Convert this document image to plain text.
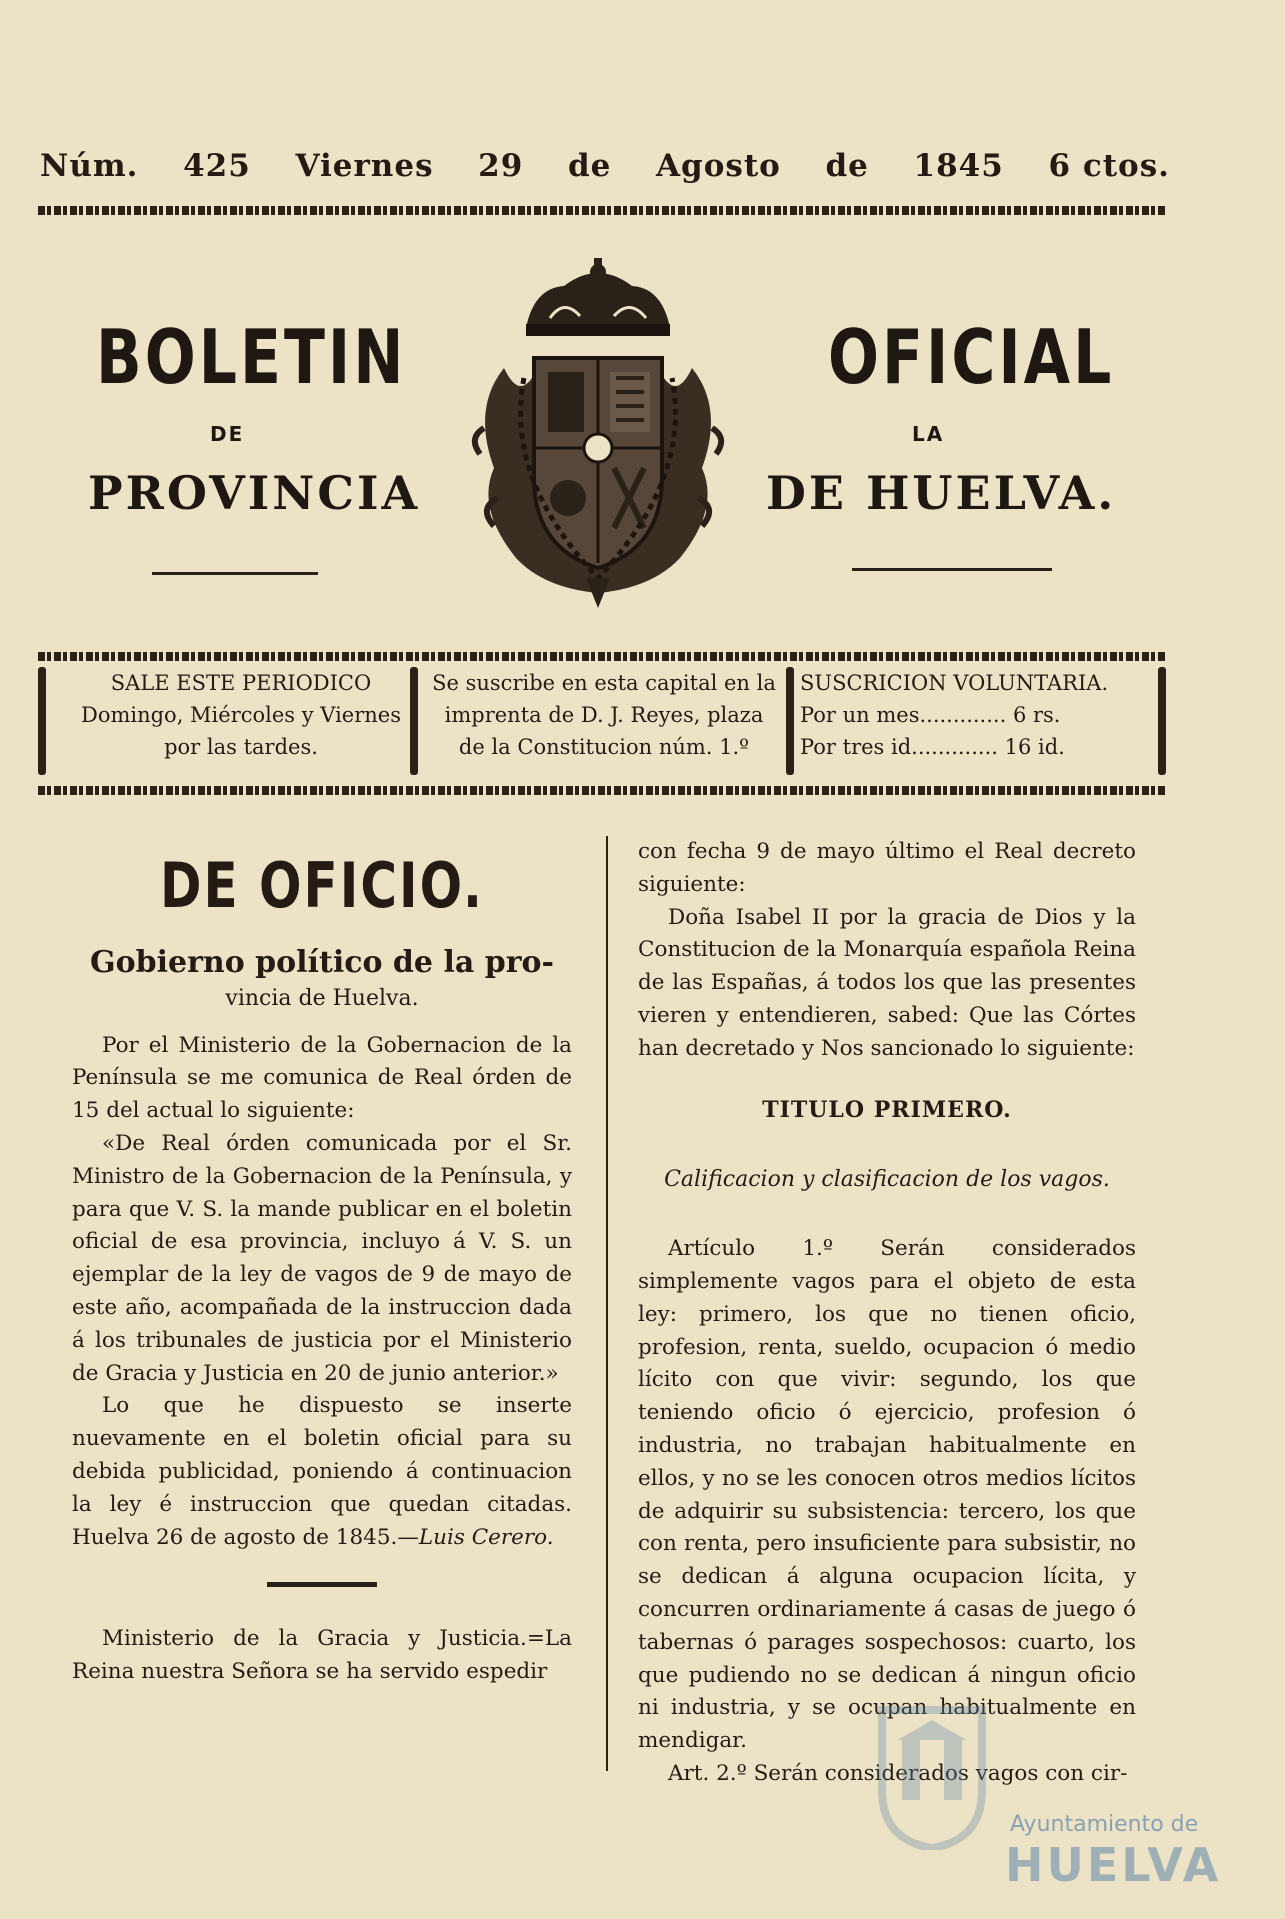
Núm. 425 Viernes 29 de Agosto de 1845 6 ctos.
BOLETIN	OFICIAL
DE	LA
PROVINCIA	DE HUELVA.
SALE ESTE PERIODICO
Domingo, Miércoles y Viernes
por las tardes.
Se suscribe en esta capital en la
imprenta de D. J. Reyes, plaza
de la Constitucion núm. 1.º
SUSCRICION VOLUNTARIA.
Por un mes............. 6 rs.
Por tres id............. 16 id.
DE OFICIO.
Gobierno político de la pro-
vincia de Huelva.

Por el Ministerio de la Gobernacion de la Península se me comunica de Real órden de 15 del actual lo siguiente:

«De Real órden comunicada por el Sr. Ministro de la Gobernacion de la Península, y para que V. S. la mande publicar en el boletin oficial de esa provincia, incluyo á V. S. un ejemplar de la ley de vagos de 9 de mayo de este año, acompañada de la instruccion dada á los tribunales de justicia por el Ministerio de Gracia y Justicia en 20 de junio anterior.»

Lo que he dispuesto se inserte nuevamente en el boletin oficial para su debida publicidad, poniendo á continuacion la ley é instruccion que quedan citadas. Huelva 26 de agosto de 1845.—Luis Cerero.

Ministerio de la Gracia y Justicia.=La Reina nuestra Señora se ha servido espedir

con fecha 9 de mayo último el Real decreto siguiente:

Doña Isabel II por la gracia de Dios y la Constitucion de la Monarquía española Reina de las Españas, á todos los que las presentes vieren y entendieren, sabed: Que las Córtes han decretado y Nos sancionado lo siguiente:

TITULO PRIMERO.
Calificacion y clasificacion de los vagos.

Artículo 1.º Serán considerados simplemente vagos para el objeto de esta ley: primero, los que no tienen oficio, profesion, renta, sueldo, ocupacion ó medio lícito con que vivir: segundo, los que teniendo oficio ó ejercicio, profesion ó industria, no trabajan habitualmente en ellos, y no se les conocen otros medios lícitos de adquirir su subsistencia: tercero, los que con renta, pero insuficiente para subsistir, no se dedican á alguna ocupacion lícita, y concurren ordinariamente á casas de juego ó tabernas ó parages sospechosos: cuarto, los que pudiendo no se dedican á ningun oficio ni industria, y se ocupan habitualmente en mendigar.

Art. 2.º Serán considerados vagos con cir-

Ayuntamiento de
HUELVA
